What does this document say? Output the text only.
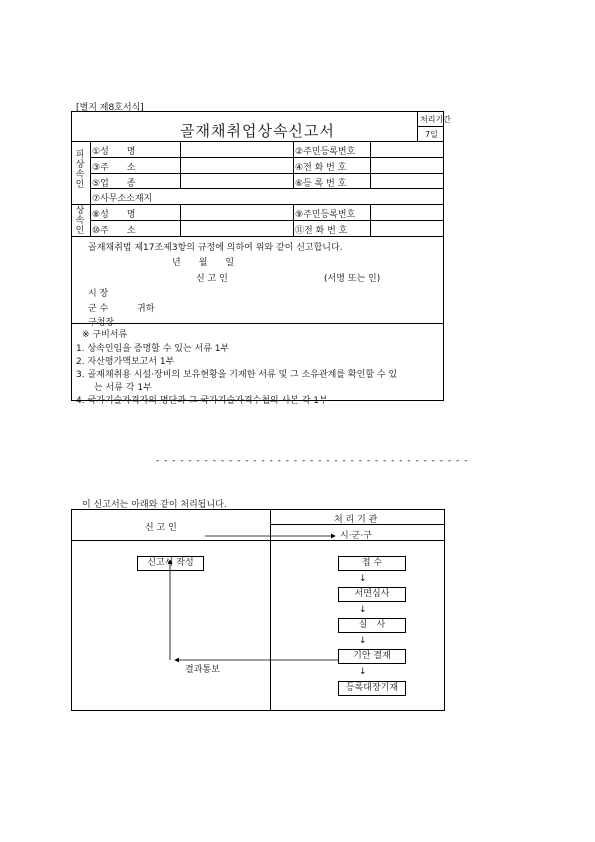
[별지 제8호서식]
골재채취업상속신고서
처리기간
7일
피
상
속
인
상
속
인
①성　　명	②주민등록번호
③주　　소	④전 화 번 호
⑤업　　종	⑥등 록 번 호
⑦사무소소재지
⑧성　　명	⑨주민등록번호
⑩주　　소	⑪전 화 번 호
골재채취법 제17조제3항의 규정에 의하여 위와 같이 신고합니다.
년　　월　　일
신 고 인	(서명 또는 인)
시 장
군 수	귀하
구청장
※ 구비서류
1. 상속인임을 증명할 수 있는 서류 1부
2. 자산평가액보고서 1부
3. 골재채취용 시설·장비의 보유현황을 기재한 서류 및 그 소유관계를 확인할 수 있
는 서류 각 1부
4. 국가기술자격자의 명단과 그 국가기술자격수첩의 사본 각 1부
- - - - - - - - - - - - - - - - - - - - - - - - - - - - - - - - - - - - - - -
이 신고서는 아래와 같이 처리됩니다.
신 고 인
처 리 기 관
시·군·구
신고서 작성	접 수
↓
서면심사
↓
실　사
↓
기안 결재
↓
등록대장기재
결과통보
